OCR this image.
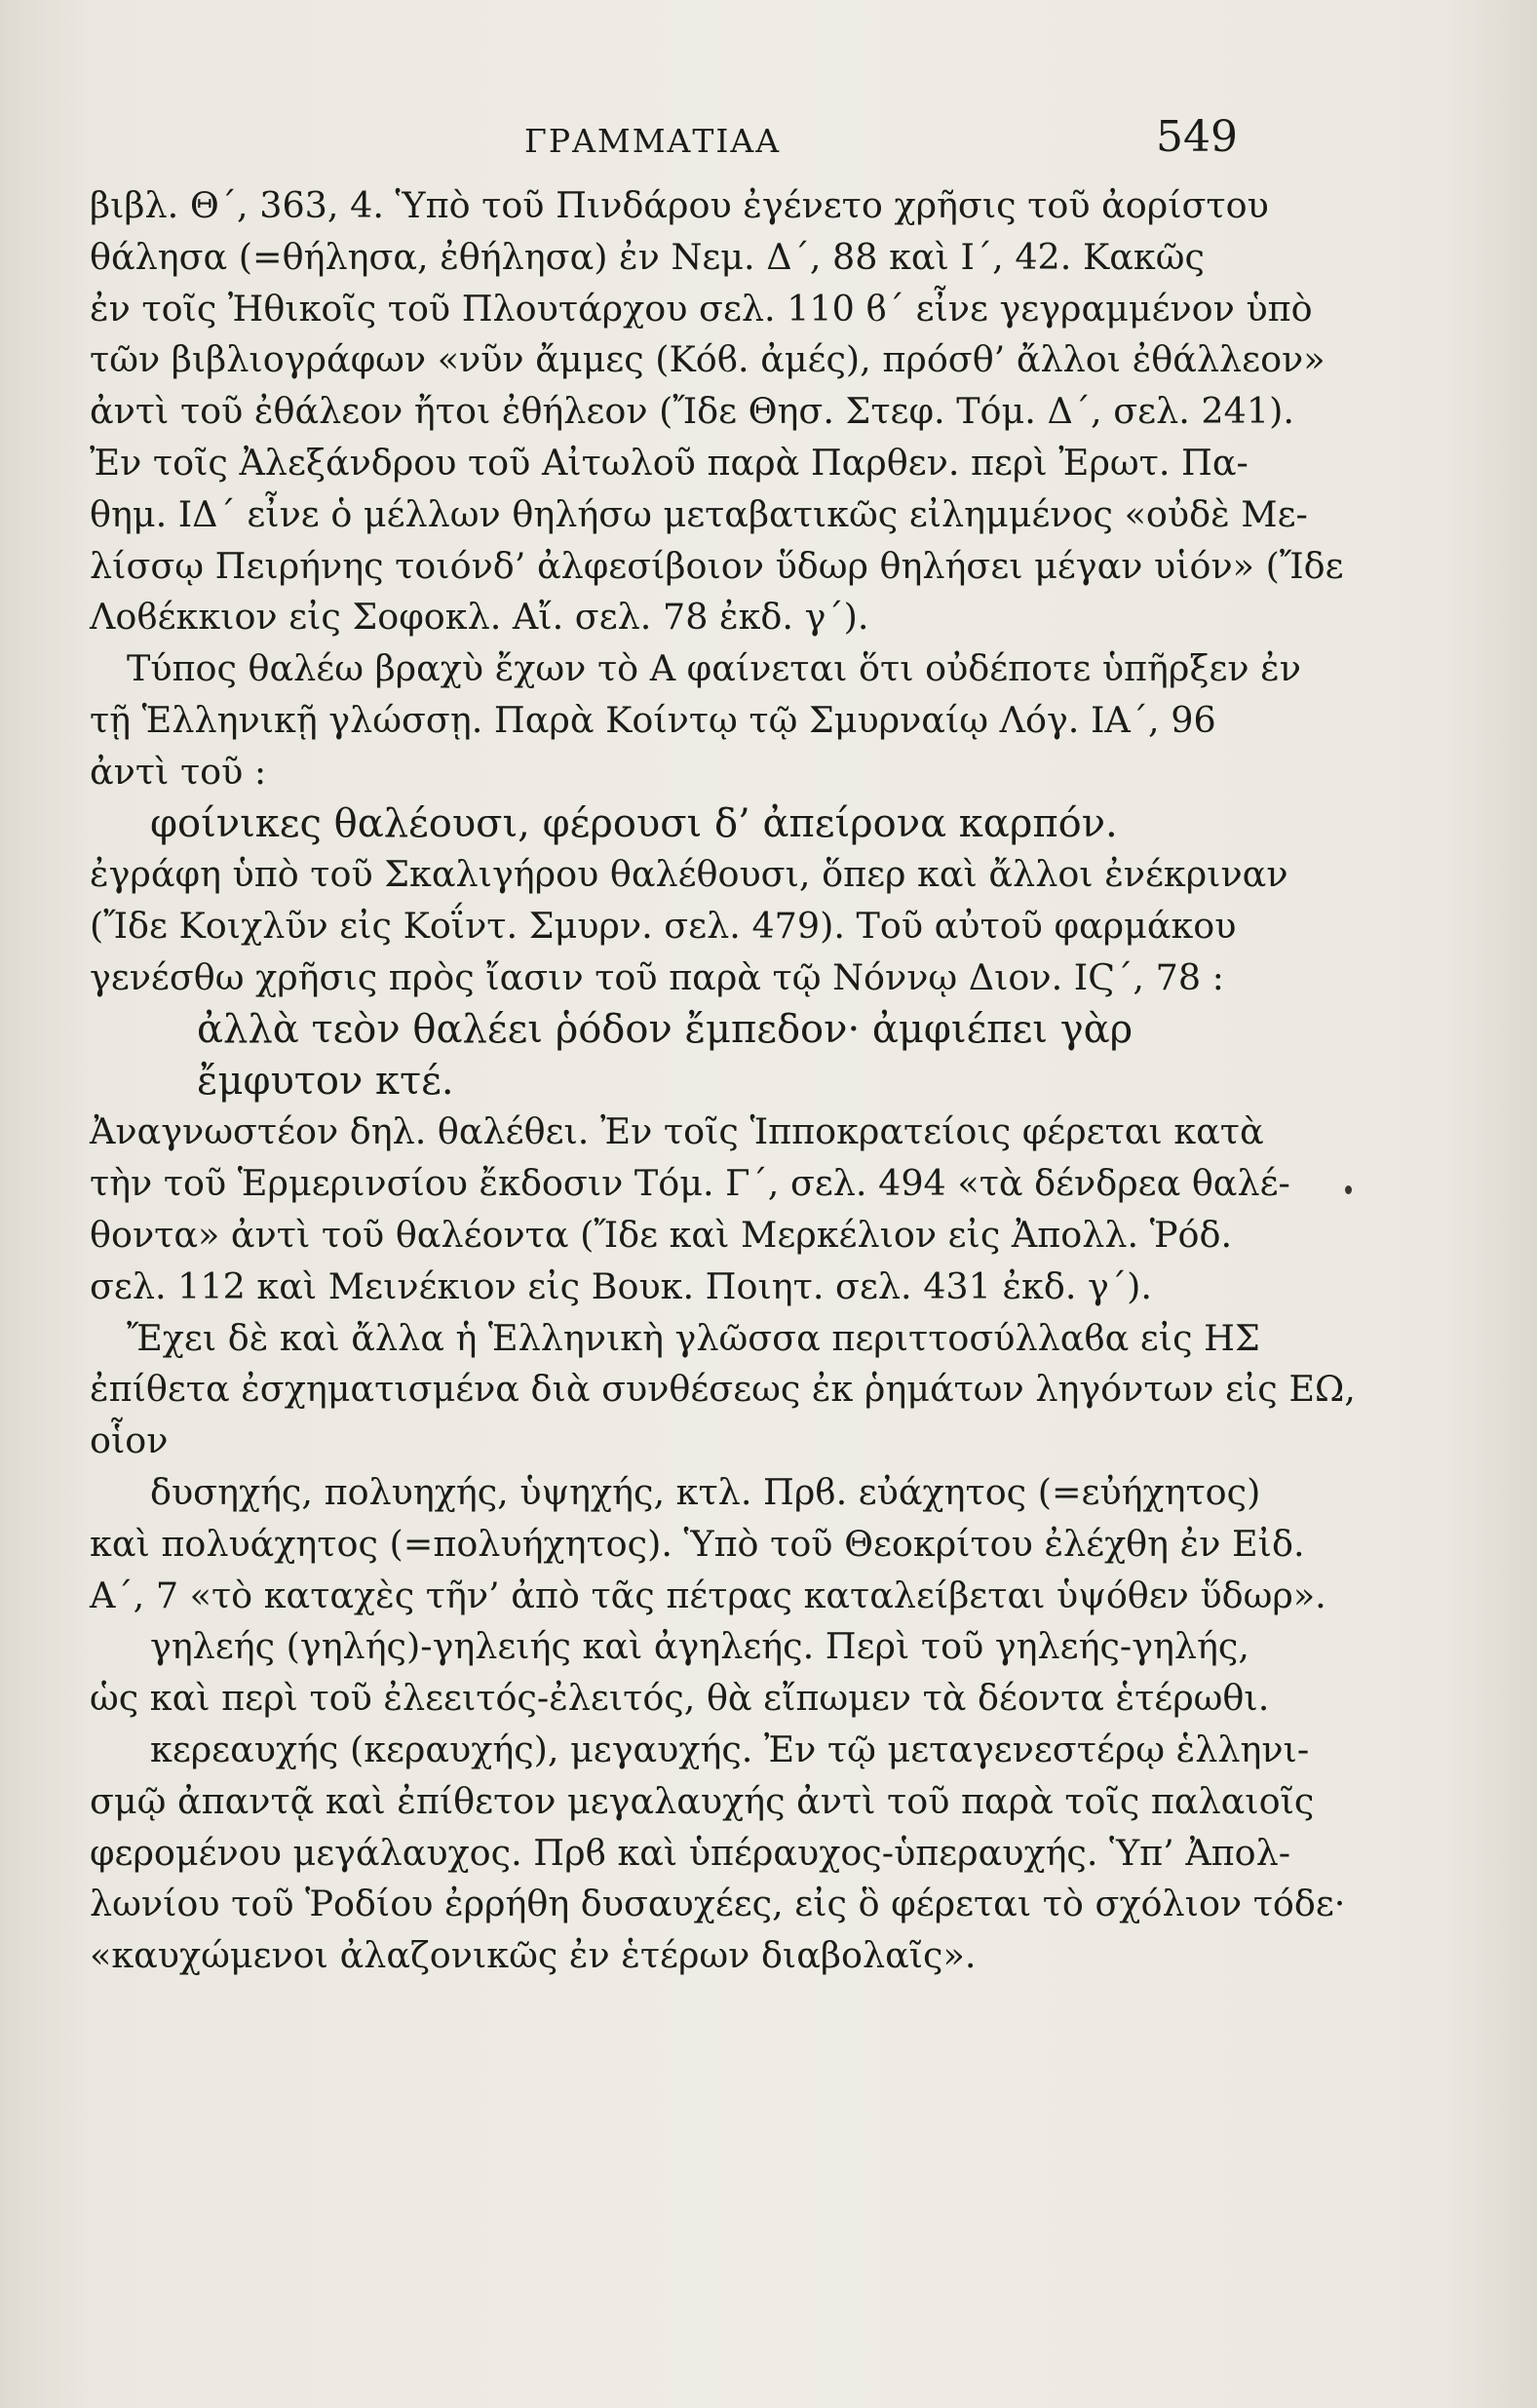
ΓΡΑΜΜΑΤΙΑΑ	549
βιβλ. Θ΄, 363, 4. Ὑπὸ τοῦ Πινδάρου ἐγένετο χρῆσις τοῦ ἀορίστου
θάλησα (=θήλησα, ἐθήλησα) ἐν Νεμ. Δ΄, 88 καὶ Ι΄, 42. Κακῶς
ἐν τοῖς Ἠθικοῖς τοῦ Πλουτάρχου σελ. 110 ϐ΄ εἶνε γεγραμμένον ὑπὸ
τῶν βιβλιογράφων «νῦν ἄμμες (Κόϐ. ἀμές), πρόσθ’ ἄλλοι ἐθάλλεον»
ἀντὶ τοῦ ἐθάλεον ἤτοι ἐθήλεον (Ἴδε Θησ. Στεφ. Τόμ. Δ΄, σελ. 241).
Ἐν τοῖς Ἀλεξάνδρου τοῦ Αἰτωλοῦ παρὰ Παρθεν. περὶ Ἐρωτ. Πα-
θημ. ΙΔ΄ εἶνε ὁ μέλλων θηλήσω μεταβατικῶς εἰλημμένος «οὐδὲ Με-
λίσσῳ Πειρήνης τοιόνδ’ ἀλφεσίβοιον ὕδωρ θηλήσει μέγαν υἱόν» (Ἴδε
Λοϐέκκιον εἰς Σοφοκλ. Αἴ. σελ. 78 ἐκδ. γ΄).
Τύπος θαλέω βραχὺ ἔχων τὸ Α φαίνεται ὅτι οὐδέποτε ὑπῆρξεν ἐν
τῇ Ἑλληνικῇ γλώσσῃ. Παρὰ Κοίντῳ τῷ Σμυρναίῳ Λόγ. ΙΑ΄, 96
ἀντὶ τοῦ :
φοίνικες θαλέουσι, φέρουσι δ’ ἀπείρονα καρπόν.
ἐγράφη ὑπὸ τοῦ Σκαλιγήρου θαλέθουσι, ὅπερ καὶ ἄλλοι ἐνέκριναν
(Ἴδε Κοιχλῦν εἰς Κοΐντ. Σμυρν. σελ. 479). Τοῦ αὐτοῦ φαρμάκου
γενέσθω χρῆσις πρὸς ἴασιν τοῦ παρὰ τῷ Νόννῳ Διον. ΙϚ΄, 78 :
ἀλλὰ τεὸν θαλέει ῥόδον ἔμπεδον· ἀμφιέπει γὰρ
ἔμφυτον κτέ.
Ἀναγνωστέον δηλ. θαλέθει. Ἐν τοῖς Ἱπποκρατείοις φέρεται κατὰ
τὴν τοῦ Ἑρμερινσίου ἔκδοσιν Τόμ. Γ΄, σελ. 494 «τὰ δένδρεα θαλέ-
θοντα» ἀντὶ τοῦ θαλέοντα (Ἴδε καὶ Μερκέλιον εἰς Ἀπολλ. Ῥόδ.
σελ. 112 καὶ Μεινέκιον εἰς Βουκ. Ποιητ. σελ. 431 ἐκδ. γ΄).
Ἔχει δὲ καὶ ἄλλα ἡ Ἑλληνικὴ γλῶσσα περιττοσύλλαϐα εἰς ΗΣ
ἐπίθετα ἐσχηματισμένα διὰ συνθέσεως ἐκ ῥημάτων ληγόντων εἰς ΕΩ,
οἷον
δυσηχής, πολυηχής, ὑψηχής, κτλ. Πρϐ. εὐάχητος (=εὐήχητος)
καὶ πολυάχητος (=πολυήχητος). Ὑπὸ τοῦ Θεοκρίτου ἐλέχθη ἐν Εἰδ.
Α΄, 7 «τὸ καταχὲς τῆν’ ἀπὸ τᾶς πέτρας καταλείβεται ὑψόθεν ὕδωρ».
γηλεής (γηλής)-γηλειής καὶ ἀγηλεής. Περὶ τοῦ γηλεής-γηλής,
ὡς καὶ περὶ τοῦ ἐλεειτός-ἐλειτός, θὰ εἴπωμεν τὰ δέοντα ἑτέρωθι.
κερεαυχής (κεραυχής), μεγαυχής. Ἐν τῷ μεταγενεστέρῳ ἑλληνι-
σμῷ ἀπαντᾷ καὶ ἐπίθετον μεγαλαυχής ἀντὶ τοῦ παρὰ τοῖς παλαιοῖς
φερομένου μεγάλαυχος. Πρϐ καὶ ὑπέραυχος-ὑπεραυχής. Ὑπ’ Ἀπολ-
λωνίου τοῦ Ῥοδίου ἐρρήθη δυσαυχέες, εἰς ὃ φέρεται τὸ σχόλιον τόδε·
«καυχώμενοι ἀλαζονικῶς ἐν ἑτέρων διαβολαῖς».
